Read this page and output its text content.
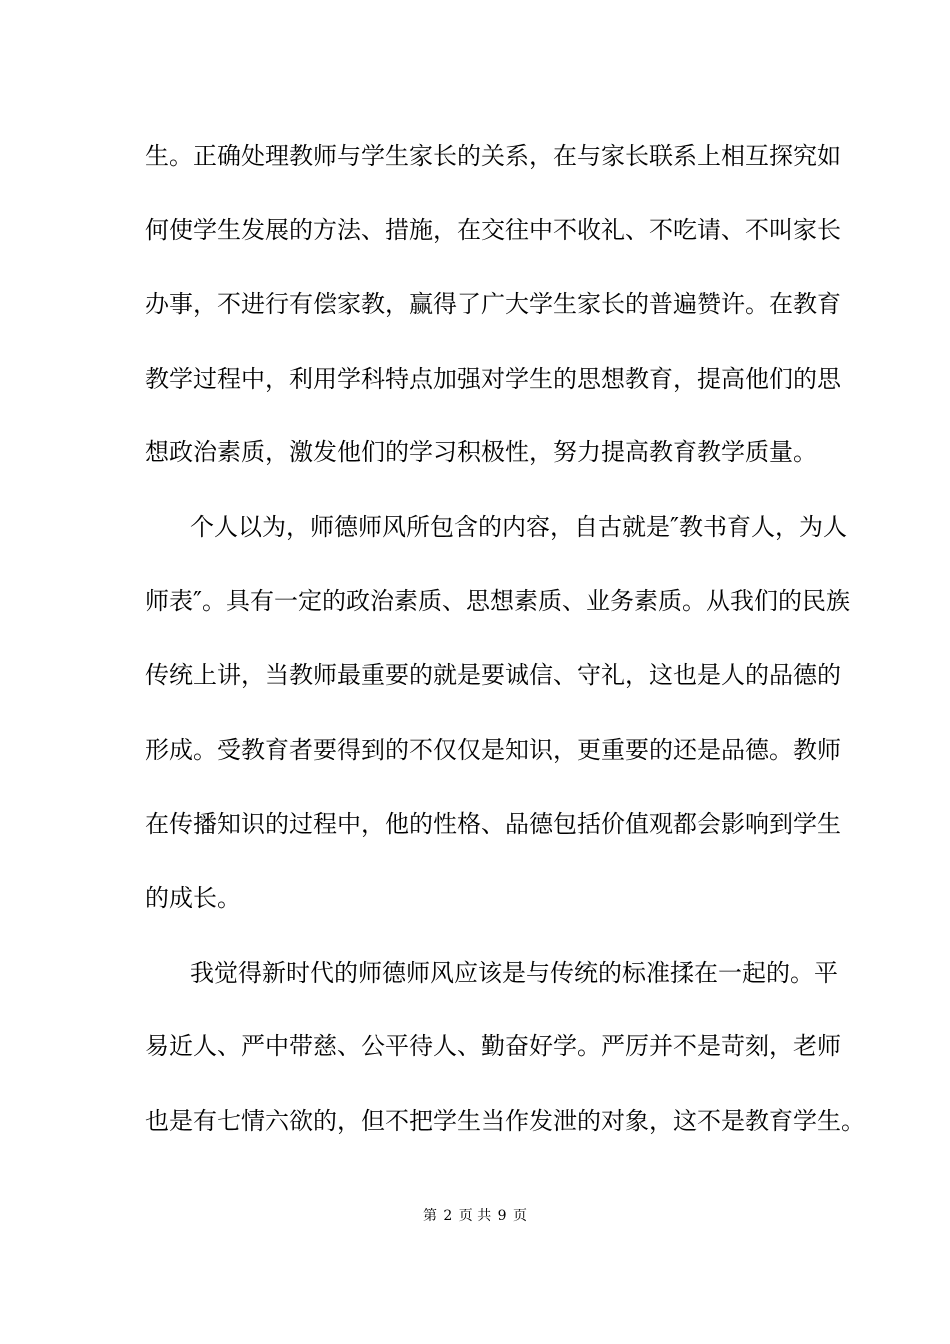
生。正确处理教师与学生家长的关系，在与家长联系上相互探究如
何使学生发展的方法、措施，在交往中不收礼、不吃请、不叫家长
办事，不进行有偿家教，赢得了广大学生家长的普遍赞许。在教育
教学过程中，利用学科特点加强对学生的思想教育，提高他们的思
想政治素质，激发他们的学习积极性，努力提高教育教学质量。
　个人以为，师德师风所包含的内容，自古就是″教书育人，为人
师表″。具有一定的政治素质、思想素质、业务素质。从我们的民族
传统上讲，当教师最重要的就是要诚信、守礼，这也是人的品德的
形成。受教育者要得到的不仅仅是知识，更重要的还是品德。教师
在传播知识的过程中，他的性格、品德包括价值观都会影响到学生
的成长。
　我觉得新时代的师德师风应该是与传统的标准揉在一起的。平
易近人、严中带慈、公平待人、勤奋好学。严厉并不是苛刻，老师
也是有七情六欲的，但不把学生当作发泄的对象，这不是教育学生。
第 2 页 共 9 页
